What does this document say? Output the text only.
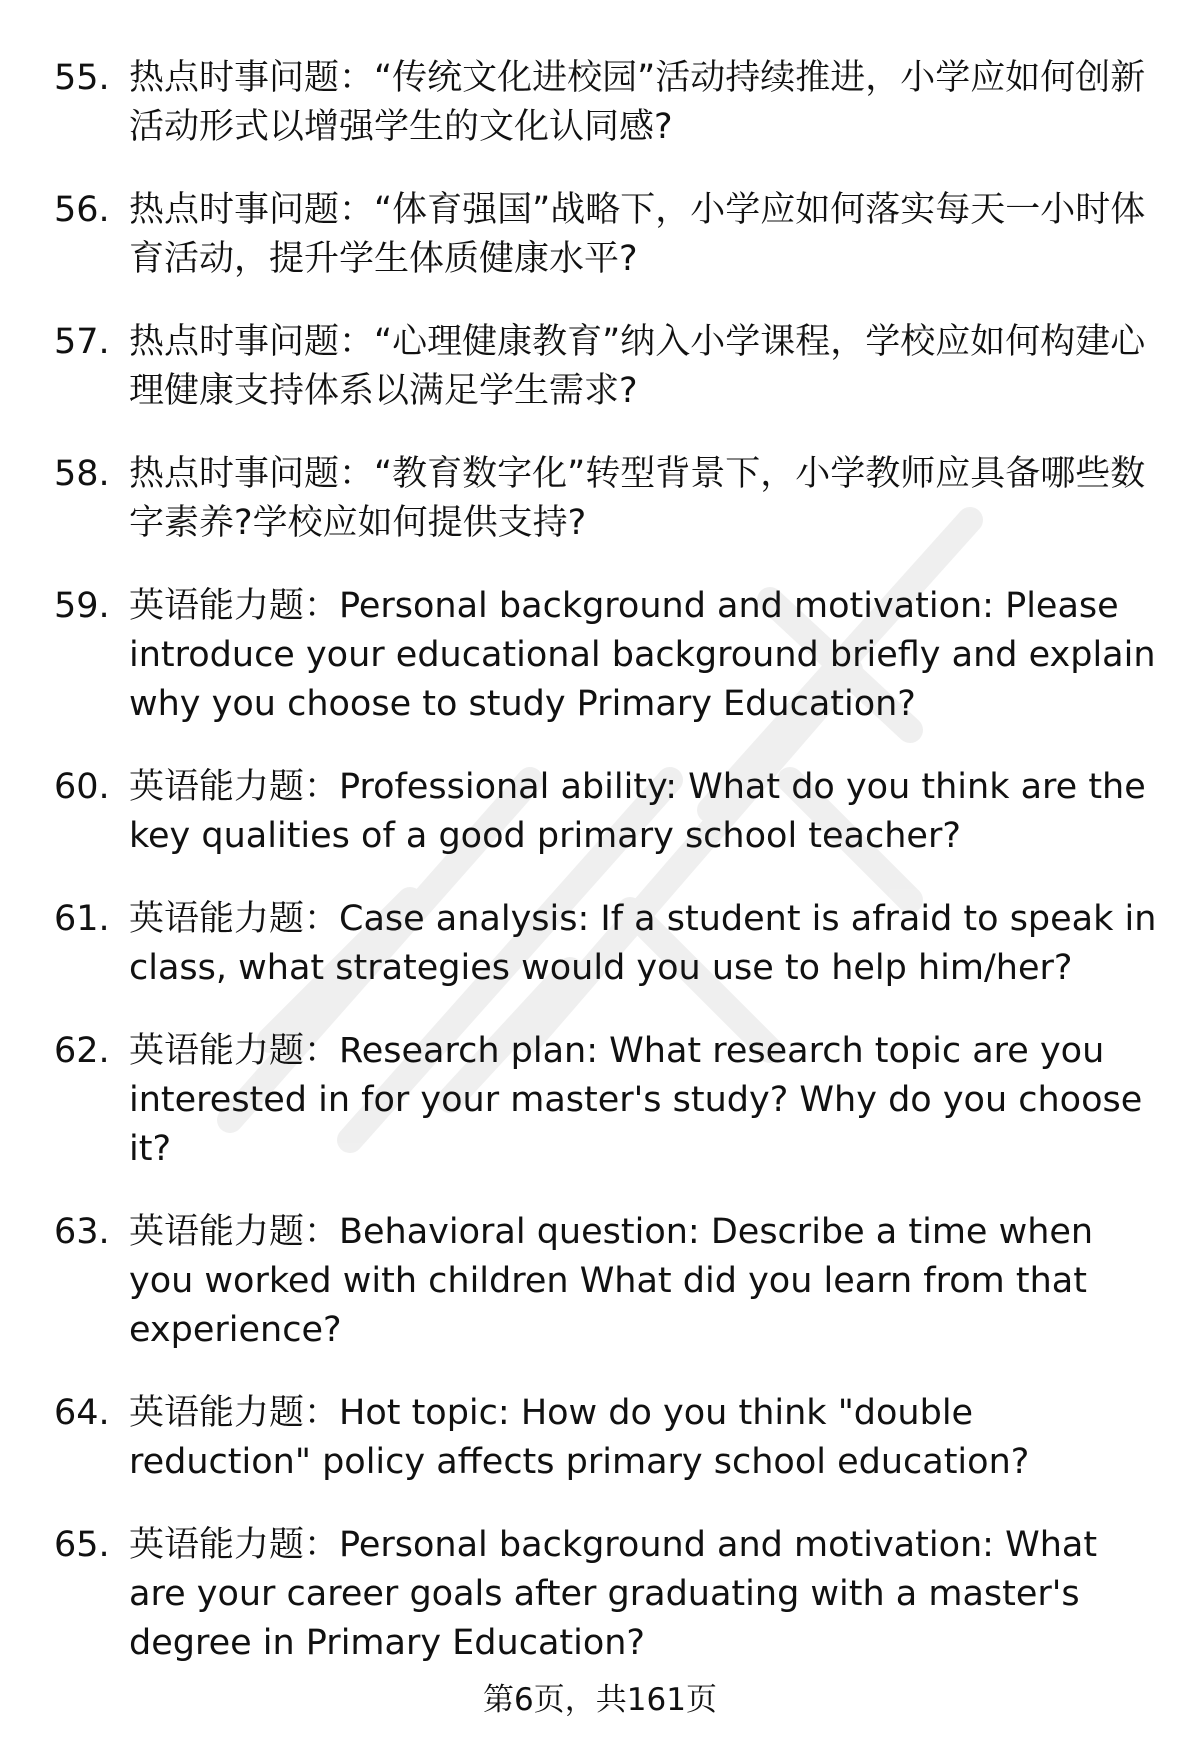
55. 热点时事问题：“传统文化进校园”活动持续推进，小学应如何创新活动形式以增强学生的文化认同感?
56. 热点时事问题：“体育强国”战略下，小学应如何落实每天一小时体育活动，提升学生体质健康水平?
57. 热点时事问题：“心理健康教育”纳入小学课程，学校应如何构建心理健康支持体系以满足学生需求?
58. 热点时事问题：“教育数字化”转型背景下，小学教师应具备哪些数字素养?学校应如何提供支持?
59. 英语能力题：Personal background and motivation: Please introduce your educational background briefly and explain why you choose to study Primary Education?
60. 英语能力题：Professional ability: What do you think are the key qualities of a good primary school teacher?
61. 英语能力题：Case analysis: If a student is afraid to speak in class, what strategies would you use to help him/her?
62. 英语能力题：Research plan: What research topic are you interested in for your master's study? Why do you choose it?
63. 英语能力题：Behavioral question: Describe a time when you worked with children What did you learn from that experience?
64. 英语能力题：Hot topic: How do you think "double reduction" policy affects primary school education?
65. 英语能力题：Personal background and motivation: What are your career goals after graduating with a master's degree in Primary Education?
第6页，共161页
